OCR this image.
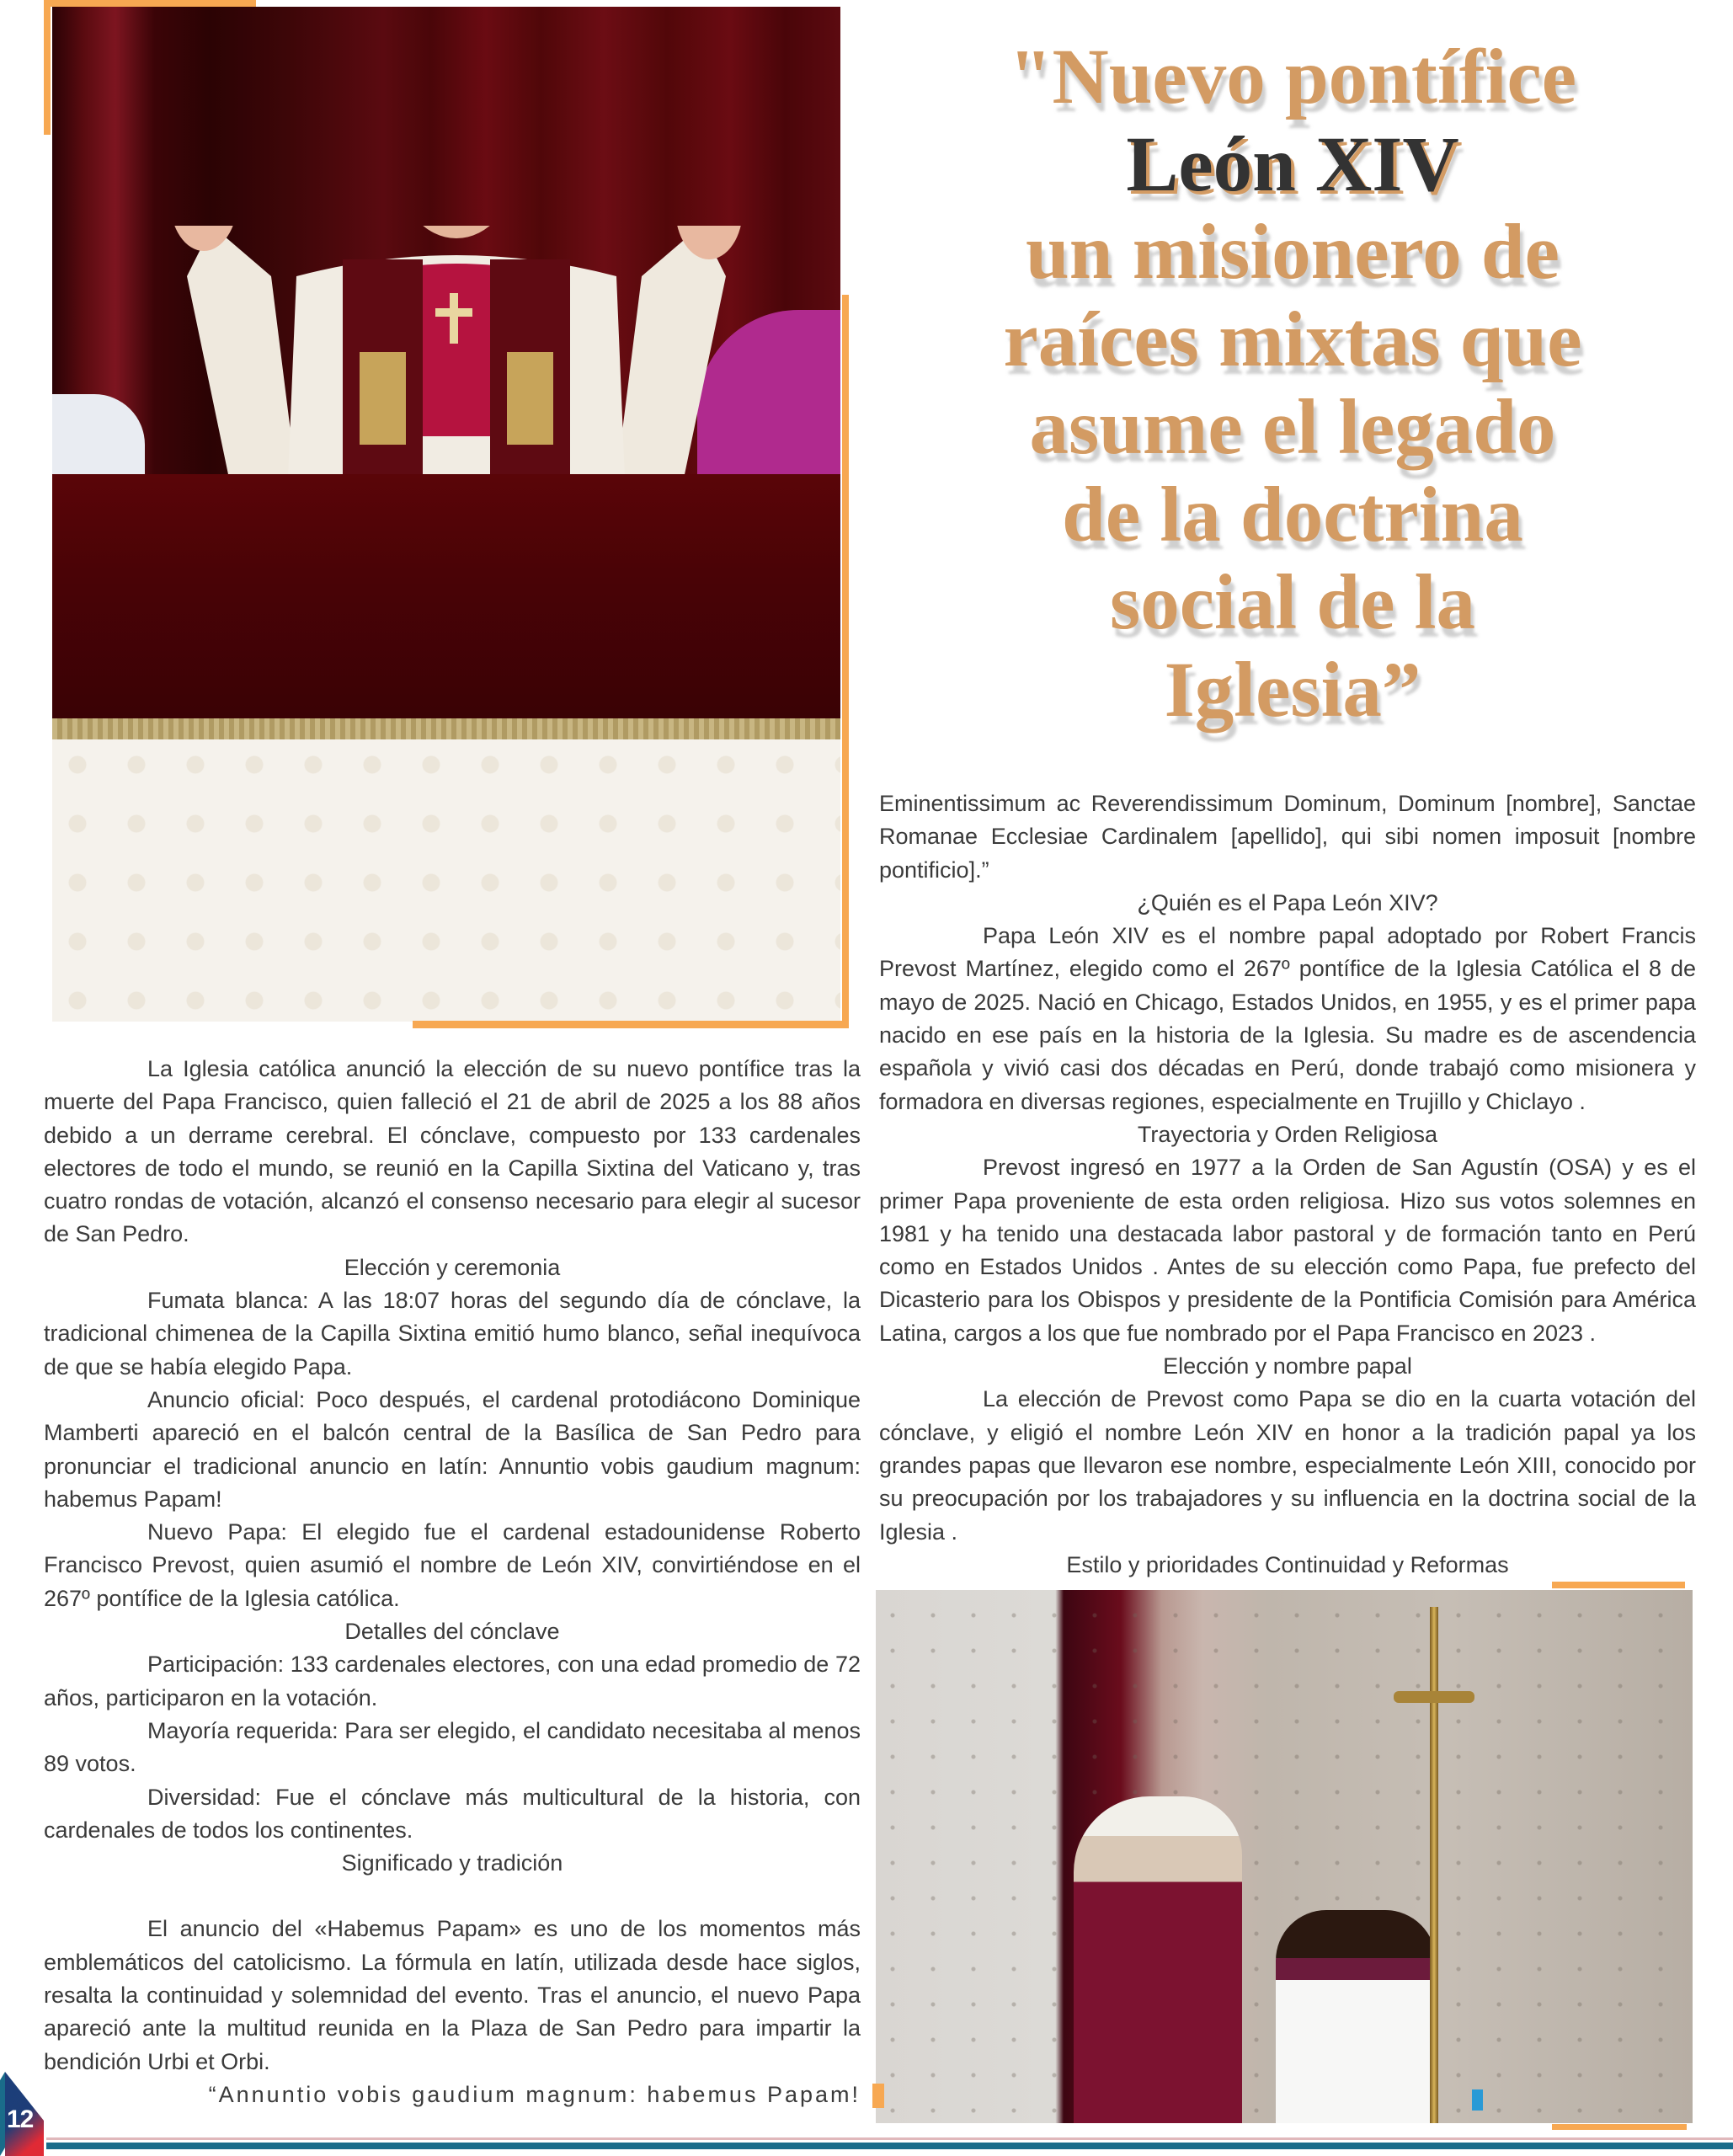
"Nuevo pontífice
León XIV
un misionero de
raíces mixtas que
asume el legado
de la doctrina
social de la
Iglesia”

La Iglesia católica anunció la elección de su nuevo pontífice tras la muerte del Papa Francisco, quien falleció el 21 de abril de 2025 a los 88 años debido a un derrame cerebral. El cónclave, compuesto por 133 cardenales electores de todo el mundo, se reunió en la Capilla Sixtina del Vaticano y, tras cuatro rondas de votación, alcanzó el consenso necesario para elegir al sucesor de San Pedro.

Elección y ceremonia

Fumata blanca: A las 18:07 horas del segundo día de cónclave, la tradicional chimenea de la Capilla Sixtina emitió humo blanco, señal inequívoca de que se había elegido Papa.

Anuncio oficial: Poco después, el cardenal protodiácono Dominique Mamberti apareció en el balcón central de la Basílica de San Pedro para pronunciar el tradicional anuncio en latín: Annuntio vobis gaudium magnum: habemus Papam!

Nuevo Papa: El elegido fue el cardenal estadounidense Roberto Francisco Prevost, quien asumió el nombre de León XIV, convirtiéndose en el 267º pontífice de la Iglesia católica.

Detalles del cónclave

Participación: 133 cardenales electores, con una edad promedio de 72 años, participaron en la votación.

Mayoría requerida: Para ser elegido, el candidato necesitaba al menos 89 votos.

Diversidad: Fue el cónclave más multicultural de la historia, con cardenales de todos los continentes.

Significado y tradición

El anuncio del «Habemus Papam» es uno de los momentos más emblemáticos del catolicismo. La fórmula en latín, utilizada desde hace siglos, resalta la continuidad y solemnidad del evento. Tras el anuncio, el nuevo Papa apareció ante la multitud reunida en la Plaza de San Pedro para impartir la bendición Urbi et Orbi.

“Annuntio vobis gaudium magnum: habemus Papam!

Eminentissimum ac Reverendissimum Dominum, Dominum [nombre], Sanctae Romanae Ecclesiae Cardinalem [apellido], qui sibi nomen imposuit [nombre pontificio].”

¿Quién es el Papa León XIV?

Papa León XIV es el nombre papal adoptado por Robert Francis Prevost Martínez, elegido como el 267º pontífice de la Iglesia Católica el 8 de mayo de 2025. Nació en Chicago, Estados Unidos, en 1955, y es el primer papa nacido en ese país en la historia de la Iglesia. Su madre es de ascendencia española y vivió casi dos décadas en Perú, donde trabajó como misionera y formadora en diversas regiones, especialmente en Trujillo y Chiclayo .

Trayectoria y Orden Religiosa

Prevost ingresó en 1977 a la Orden de San Agustín (OSA) y es el primer Papa proveniente de esta orden religiosa. Hizo sus votos solemnes en 1981 y ha tenido una destacada labor pastoral y de formación tanto en Perú como en Estados Unidos . Antes de su elección como Papa, fue prefecto del Dicasterio para los Obispos y presidente de la Pontificia Comisión para América Latina, cargos a los que fue nombrado por el Papa Francisco en 2023 .

Elección y nombre papal

La elección de Prevost como Papa se dio en la cuarta votación del cónclave, y eligió el nombre León XIV en honor a la tradición papal ya los grandes papas que llevaron ese nombre, especialmente León XIII, conocido por su preocupación por los trabajadores y su influencia en la doctrina social de la Iglesia .

Estilo y prioridades Continuidad y Reformas

12
